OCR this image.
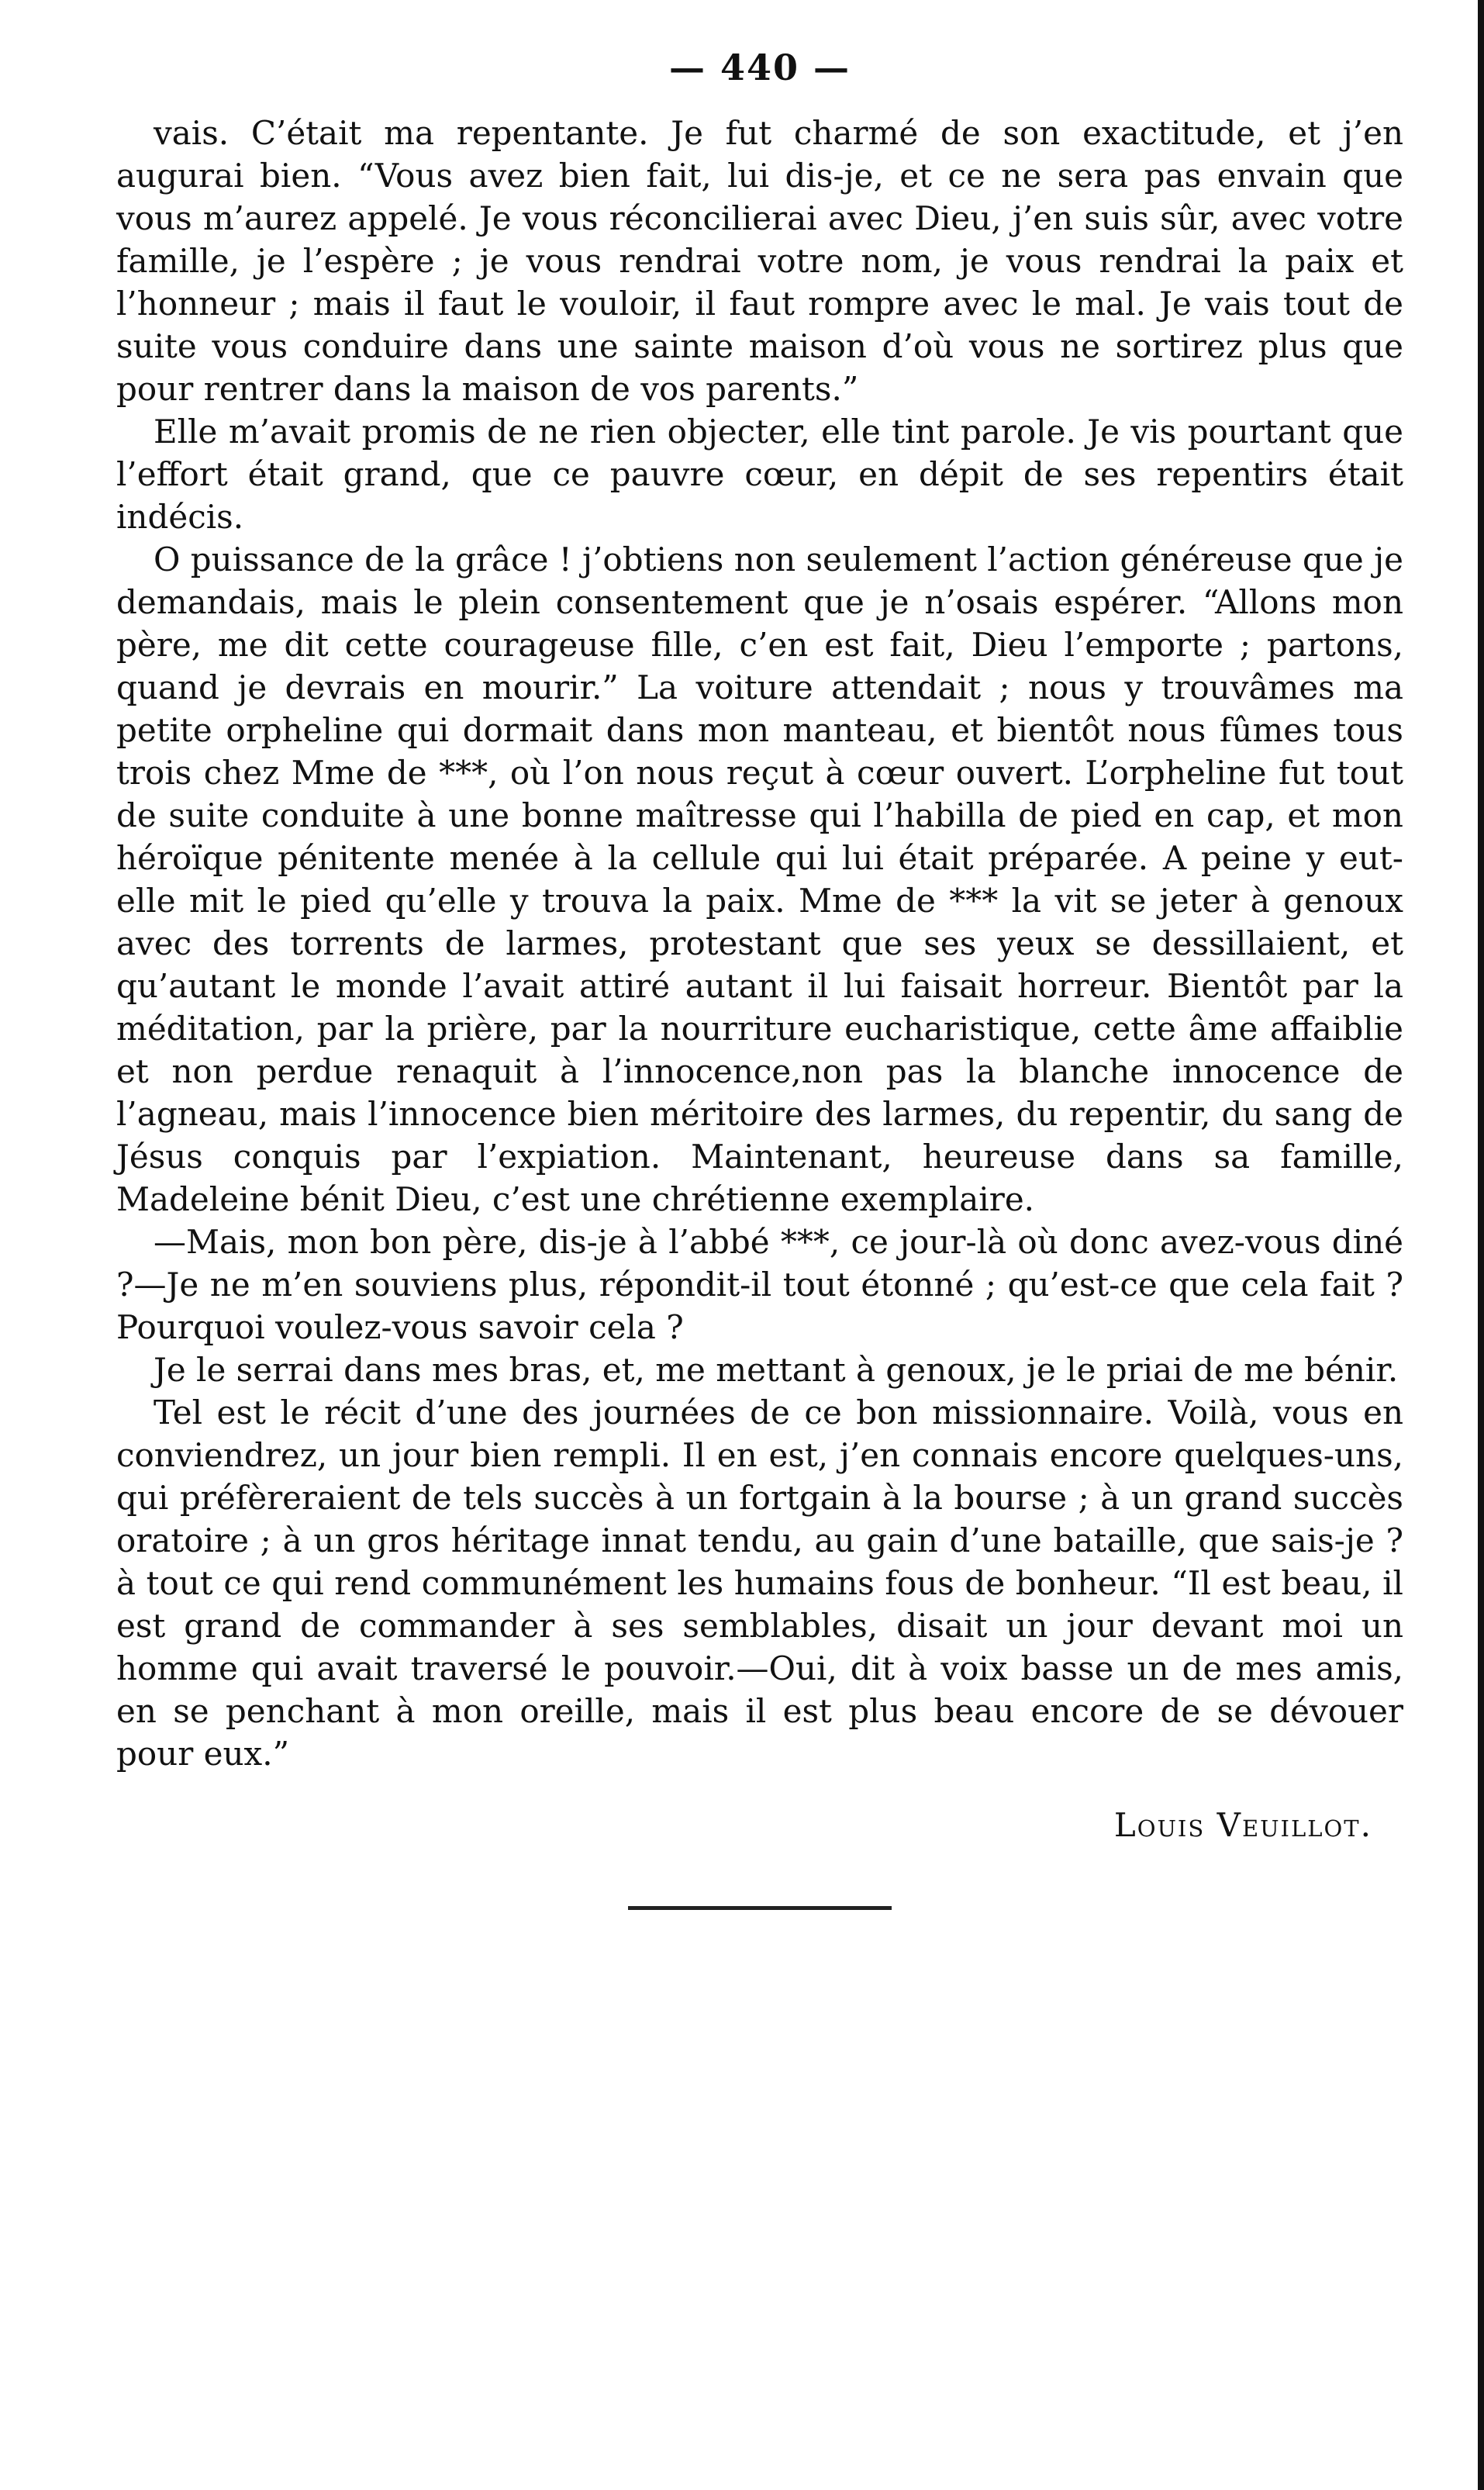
— 440 —

vais. C’était ma repentante. Je fut charmé de son exactitude, et j’en augurai bien. “Vous avez bien fait, lui dis-je, et ce ne sera pas envain que vous m’aurez appelé. Je vous réconcilierai avec Dieu, j’en suis sûr, avec votre famille, je l’espère ; je vous rendrai votre nom, je vous rendrai la paix et l’honneur ; mais il faut le vouloir, il faut rompre avec le mal. Je vais tout de suite vous conduire dans une sainte maison d’où vous ne sortirez plus que pour rentrer dans la maison de vos parents.”

Elle m’avait promis de ne rien objecter, elle tint parole. Je vis pourtant que l’effort était grand, que ce pauvre cœur, en dépit de ses repentirs était indécis.

O puissance de la grâce ! j’obtiens non seulement l’action généreuse que je demandais, mais le plein consentement que je n’osais espérer. “Allons mon père, me dit cette courageuse fille, c’en est fait, Dieu l’emporte ; partons, quand je devrais en mourir.” La voiture attendait ; nous y trouvâmes ma petite orpheline qui dormait dans mon manteau, et bientôt nous fûmes tous trois chez Mme de ***, où l’on nous reçut à cœur ouvert. L’orpheline fut tout de suite conduite à une bonne maîtresse qui l’habilla de pied en cap, et mon héroïque pénitente menée à la cellule qui lui était préparée. A peine y eut-elle mit le pied qu’elle y trouva la paix. Mme de *** la vit se jeter à genoux avec des torrents de larmes, protestant que ses yeux se dessillaient, et qu’autant le monde l’avait attiré autant il lui faisait horreur. Bientôt par la méditation, par la prière, par la nourriture eucharistique, cette âme affaiblie et non perdue renaquit à l’innocence,non pas la blanche innocence de l’agneau, mais l’innocence bien méritoire des larmes, du repentir, du sang de Jésus conquis par l’expiation. Maintenant, heureuse dans sa famille, Madeleine bénit Dieu, c’est une chrétienne exemplaire.

—Mais, mon bon père, dis-je à l’abbé ***, ce jour-là où donc avez-vous diné ?—Je ne m’en souviens plus, répondit-il tout étonné ; qu’est-ce que cela fait ? Pourquoi voulez-vous savoir cela ?

Je le serrai dans mes bras, et, me mettant à genoux, je le priai de me bénir.

Tel est le récit d’une des journées de ce bon missionnaire. Voilà, vous en conviendrez, un jour bien rempli. Il en est, j’en connais encore quelques-uns, qui préfèreraient de tels succès à un fortgain à la bourse ; à un grand succès oratoire ; à un gros héritage innat tendu, au gain d’une bataille, que sais-je ? à tout ce qui rend communément les humains fous de bonheur. “Il est beau, il est grand de commander à ses semblables, disait un jour devant moi un homme qui avait traversé le pouvoir.—Oui, dit à voix basse un de mes amis, en se penchant à mon oreille, mais il est plus beau encore de se dévouer pour eux.”

Louis Veuillot.
